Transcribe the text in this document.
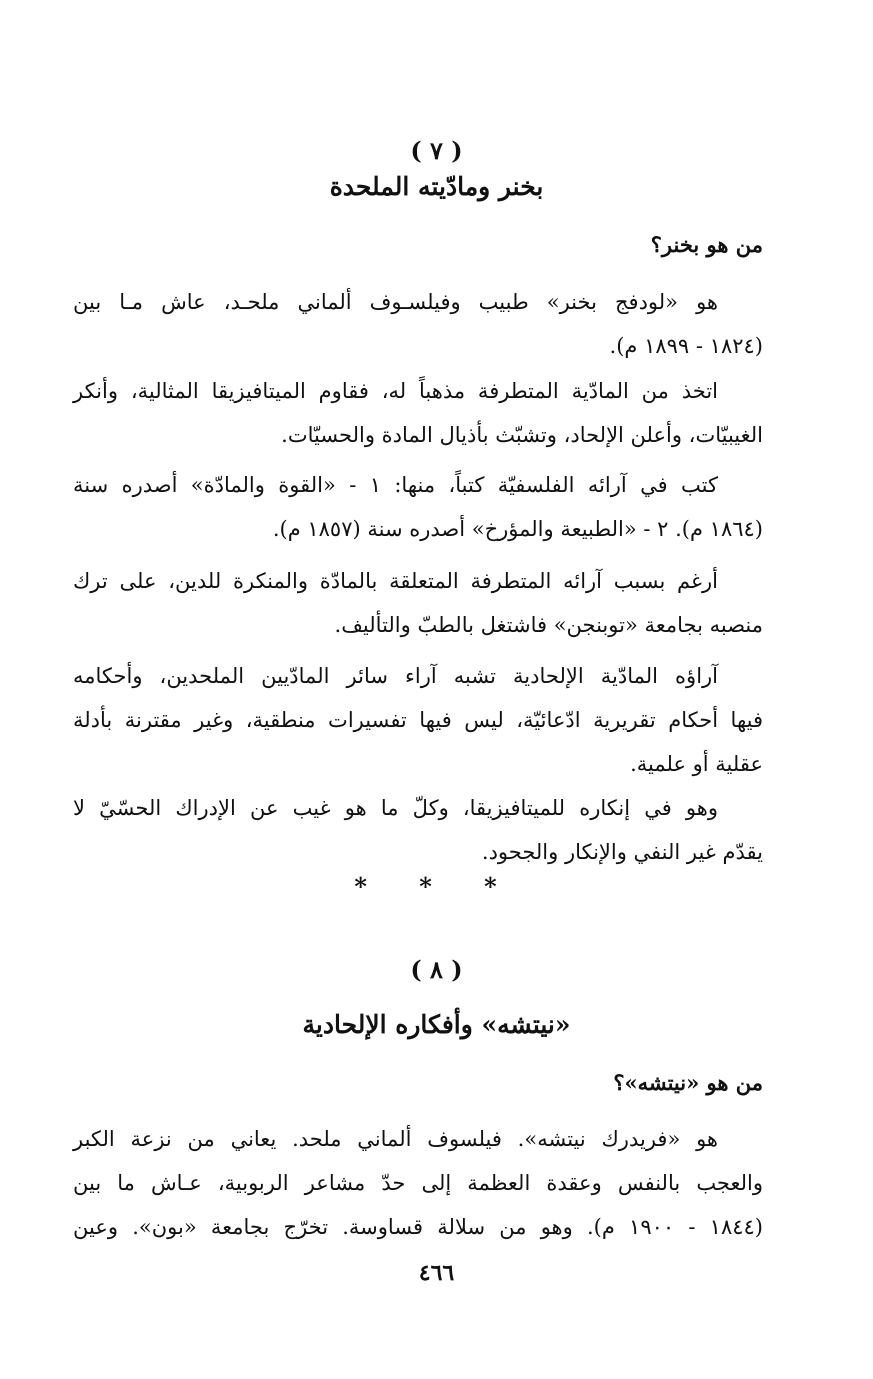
( ٧ )
بخنر ومادّيته الملحدة
من هو بخنر؟
هو «لودفج بخنر» طبيب وفيلسـوف ألماني ملحـد، عاش مـا بين
(١٨٢٤ - ١٨٩٩ م).
اتخذ من المادّية المتطرفة مذهباً له، فقاوم الميتافيزيقا المثالية، وأنكر
الغيبيّات، وأعلن الإلحاد، وتشبّث بأذيال المادة والحسيّات.
كتب في آرائه الفلسفيّة كتباً، منها: ١ - «القوة والمادّة» أصدره سنة
(١٨٦٤ م). ٢ - «الطبيعة والمؤرخ» أصدره سنة (١٨٥٧ م).
أرغم بسبب آرائه المتطرفة المتعلقة بالمادّة والمنكرة للدين، على ترك
منصبه بجامعة «توبنجن» فاشتغل بالطبّ والتأليف.
آراؤه المادّية الإلحادية تشبه آراء سائر المادّيين الملحدين، وأحكامه
فيها أحكام تقريرية ادّعائيّة، ليس فيها تفسيرات منطقية، وغير مقترنة بأدلة
عقلية أو علمية.
وهو في إنكاره للميتافيزيقا، وكلّ ما هو غيب عن الإدراك الحسّيّ لا
يقدّم غير النفي والإنكار والجحود.
* * *
( ٨ )
«نيتشه» وأفكاره الإلحادية
من هو «نيتشه»؟
هو «فريدرك نيتشه». فيلسوف ألماني ملحد. يعاني من نزعة الكبر
والعجب بالنفس وعقدة العظمة إلى حدّ مشاعر الربوبية، عـاش ما بين
(١٨٤٤ - ١٩٠٠ م). وهو من سلالة قساوسة. تخرّج بجامعة «بون». وعين
٤٦٦
